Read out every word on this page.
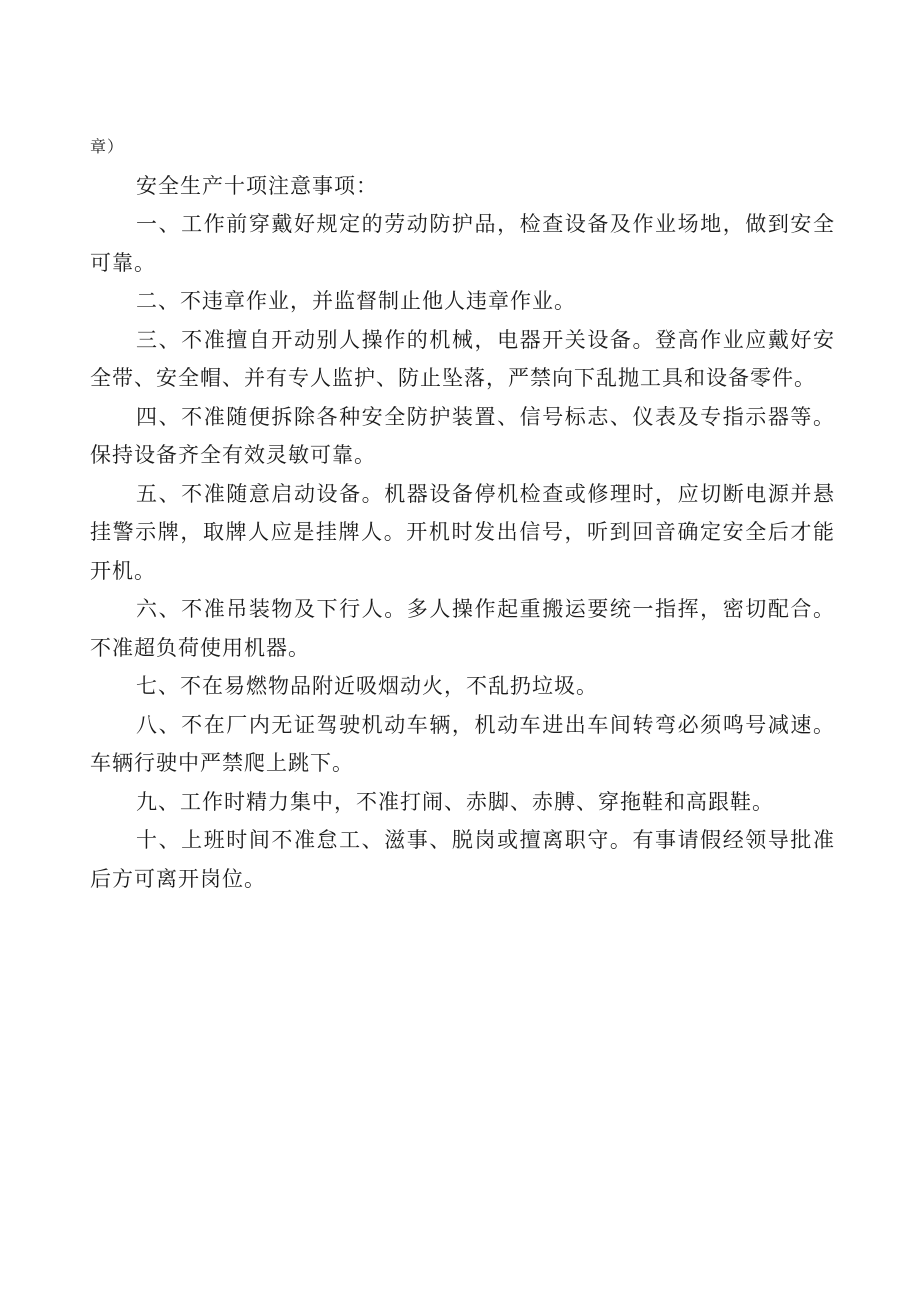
章）

安全生产十项注意事项：

一、工作前穿戴好规定的劳动防护品，检查设备及作业场地，做到安全可靠。

二、不违章作业，并监督制止他人违章作业。

三、不准擅自开动别人操作的机械，电器开关设备。登高作业应戴好安全带、安全帽、并有专人监护、防止坠落，严禁向下乱抛工具和设备零件。

四、不准随便拆除各种安全防护装置、信号标志、仪表及专指示器等。保持设备齐全有效灵敏可靠。

五、不准随意启动设备。机器设备停机检查或修理时，应切断电源并悬挂警示牌，取牌人应是挂牌人。开机时发出信号，听到回音确定安全后才能开机。

六、不准吊装物及下行人。多人操作起重搬运要统一指挥，密切配合。不准超负荷使用机器。

七、不在易燃物品附近吸烟动火，不乱扔垃圾。

八、不在厂内无证驾驶机动车辆，机动车进出车间转弯必须鸣号减速。车辆行驶中严禁爬上跳下。

九、工作时精力集中，不准打闹、赤脚、赤膊、穿拖鞋和高跟鞋。

十、上班时间不准怠工、滋事、脱岗或擅离职守。有事请假经领导批准后方可离开岗位。
